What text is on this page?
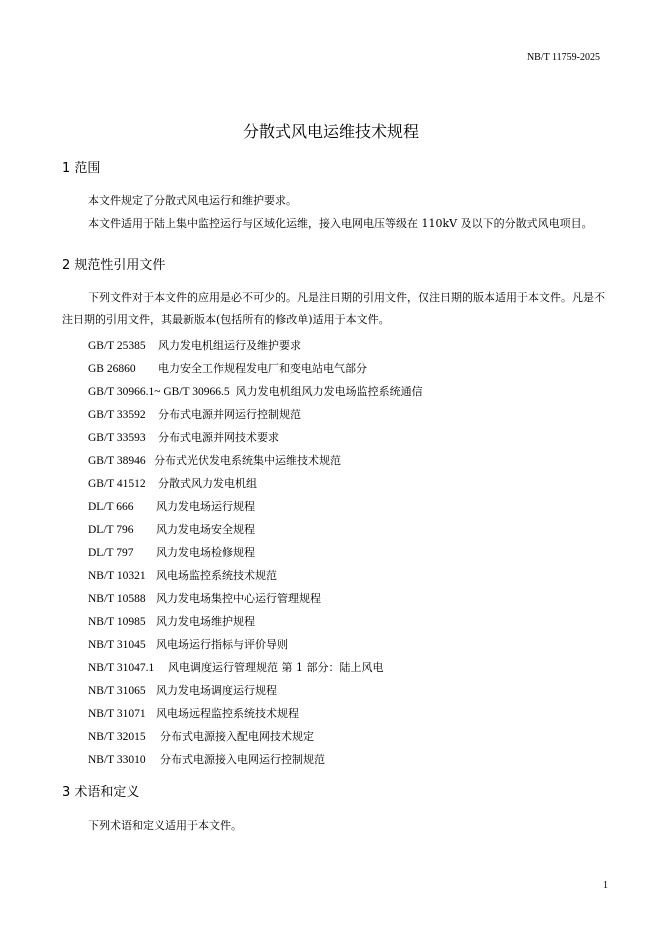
NB/T 11759-2025
分散式风电运维技术规程
1 范围
本文件规定了分散式风电运行和维护要求。
本文件适用于陆上集中监控运行与区域化运维，接入电网电压等级在 110kV 及以下的分散式风电项目。
2 规范性引用文件
下列文件对于本文件的应用是必不可少的。凡是注日期的引用文件，仅注日期的版本适用于本文件。凡是不注日期的引用文件，其最新版本(包括所有的修改单)适用于本文件。
GB/T 25385 风力发电机组运行及维护要求
GB 26860 电力安全工作规程发电厂和变电站电气部分
GB/T 30966.1~ GB/T 30966.5 风力发电机组风力发电场监控系统通信
GB/T 33592 分布式电源并网运行控制规范
GB/T 33593 分布式电源并网技术要求
GB/T 38946 分布式光伏发电系统集中运维技术规范
GB/T 41512 分散式风力发电机组
DL/T 666 风力发电场运行规程
DL/T 796 风力发电场安全规程
DL/T 797 风力发电场检修规程
NB/T 10321 风电场监控系统技术规范
NB/T 10588 风力发电场集控中心运行管理规程
NB/T 10985 风力发电场维护规程
NB/T 31045 风电场运行指标与评价导则
NB/T 31047.1 风电调度运行管理规范 第 1 部分：陆上风电
NB/T 31065 风力发电场调度运行规程
NB/T 31071 风电场远程监控系统技术规程
NB/T 32015 分布式电源接入配电网技术规定
NB/T 33010 分布式电源接入电网运行控制规范
3 术语和定义
下列术语和定义适用于本文件。
1
